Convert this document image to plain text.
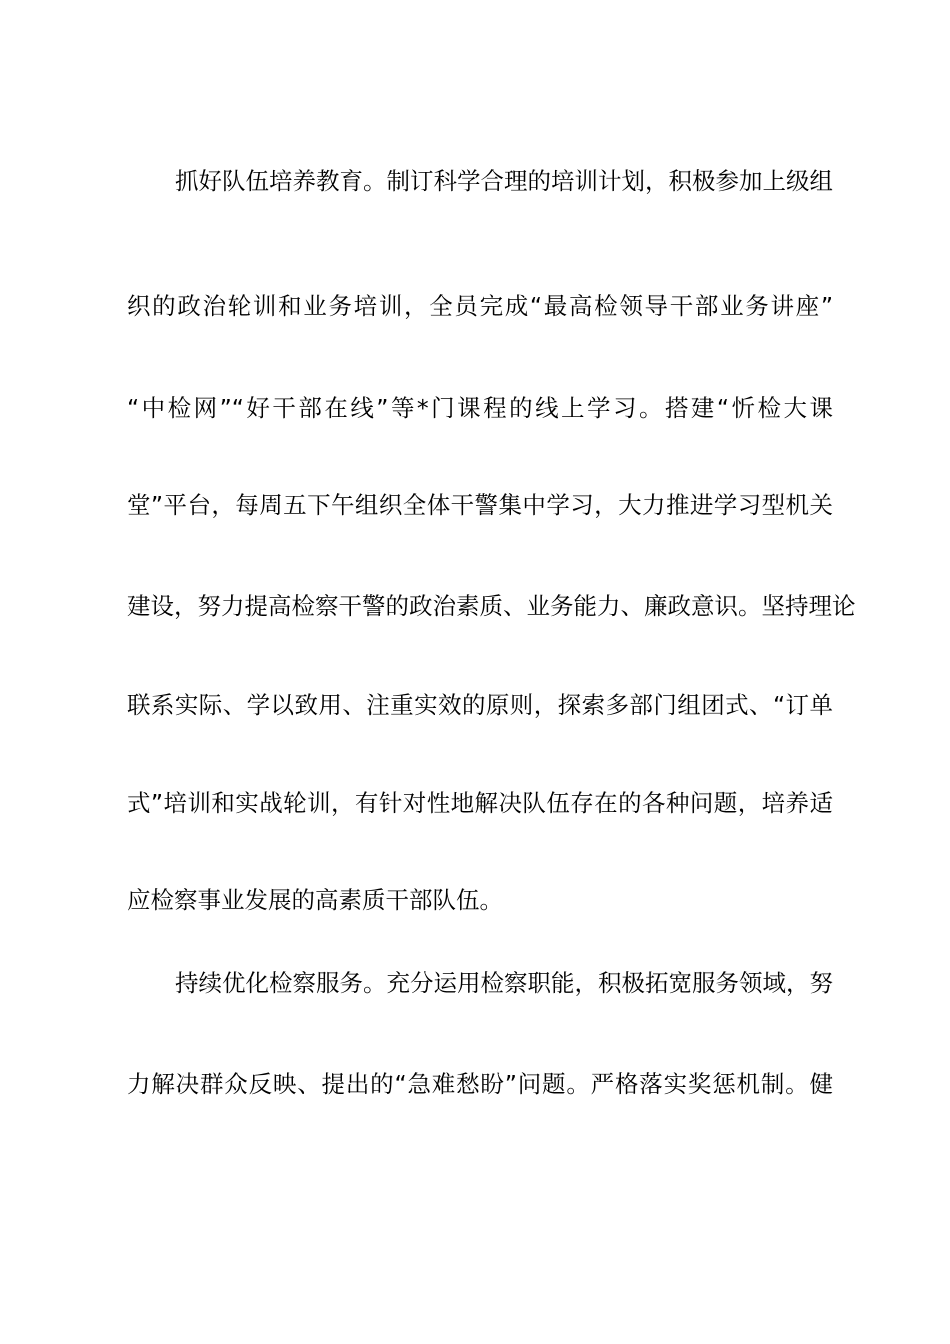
抓好队伍培养教育。制订科学合理的培训计划，积极参加上级组
织的政治轮训和业务培训，全员完成“最高检领导干部业务讲座”
“中检网”“好干部在线”等*门课程的线上学习。搭建“忻检大课
堂”平台，每周五下午组织全体干警集中学习，大力推进学习型机关
建设，努力提高检察干警的政治素质、业务能力、廉政意识。坚持理论
联系实际、学以致用、注重实效的原则，探索多部门组团式、“订单
式”培训和实战轮训，有针对性地解决队伍存在的各种问题，培养适
应检察事业发展的高素质干部队伍。
持续优化检察服务。充分运用检察职能，积极拓宽服务领域，努
力解决群众反映、提出的“急难愁盼”问题。严格落实奖惩机制。健
